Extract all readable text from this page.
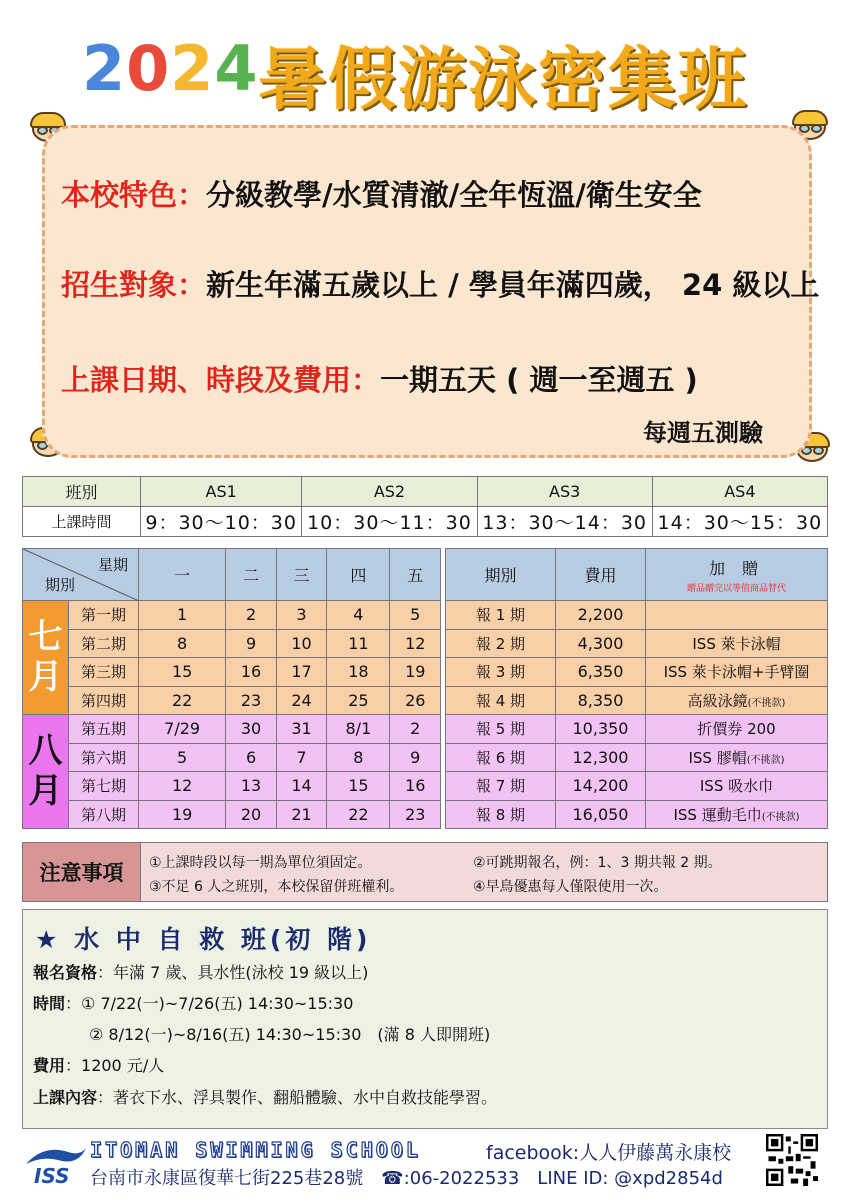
2024 暑假游泳密集班
本校特色：分級教學/水質清澈/全年恆溫/衛生安全
招生對象：新生年滿五歲以上 / 學員年滿四歲， 24 級以上
上課日期、時段及費用：一期五天 ( 週一至週五 )
每週五測驗
班別	AS1	AS2	AS3	AS4
上課時間	9：30～10：30	10：30～11：30	13：30～14：30	14：30～15：30
星期
期別		一	二	三	四	五
七
月	第一期	1	2	3	4	5
	第二期	8	9	10	11	12
	第三期	15	16	17	18	19
	第四期	22	23	24	25	26
八
月	第五期	7/29	30	31	8/1	2
	第六期	5	6	7	8	9
	第七期	12	13	14	15	16
	第八期	19	20	21	22	23
期別	費用	加 贈
贈品贈完以等值商品替代

報 1 期	2,200	
報 2 期	4,300	ISS 萊卡泳帽
報 3 期	6,350	ISS 萊卡泳帽+手臂圈
報 4 期	8,350	高級泳鏡(不挑款)
報 5 期	10,350	折價券 200
報 6 期	12,300	ISS 膠帽(不挑款)
報 7 期	14,200	ISS 吸水巾
報 8 期	16,050	ISS 運動毛巾(不挑款)
注意事項	①上課時段以每一期為單位須固定。	②可跳期報名，例：1、3 期共報 2 期。
③不足 6 人之班別，本校保留併班權利。	④早鳥優惠每人僅限使用一次。
★ 水 中 自 救 班(初 階)
報名資格：年滿 7 歲、具水性(泳校 19 級以上)
時間：① 7/22(一)~7/26(五) 14:30~15:30
② 8/12(一)~8/16(五) 14:30~15:30　(滿 8 人即開班)
費用：1200 元/人
上課內容：著衣下水、浮具製作、翻船體驗、水中自救技能學習。
ISS
ITOMAN SWIMMING SCHOOL	facebook:人人伊藤萬永康校
台南市永康區復華七街225巷28號　☎:06-2022533　LINE ID: @xpd2854d
